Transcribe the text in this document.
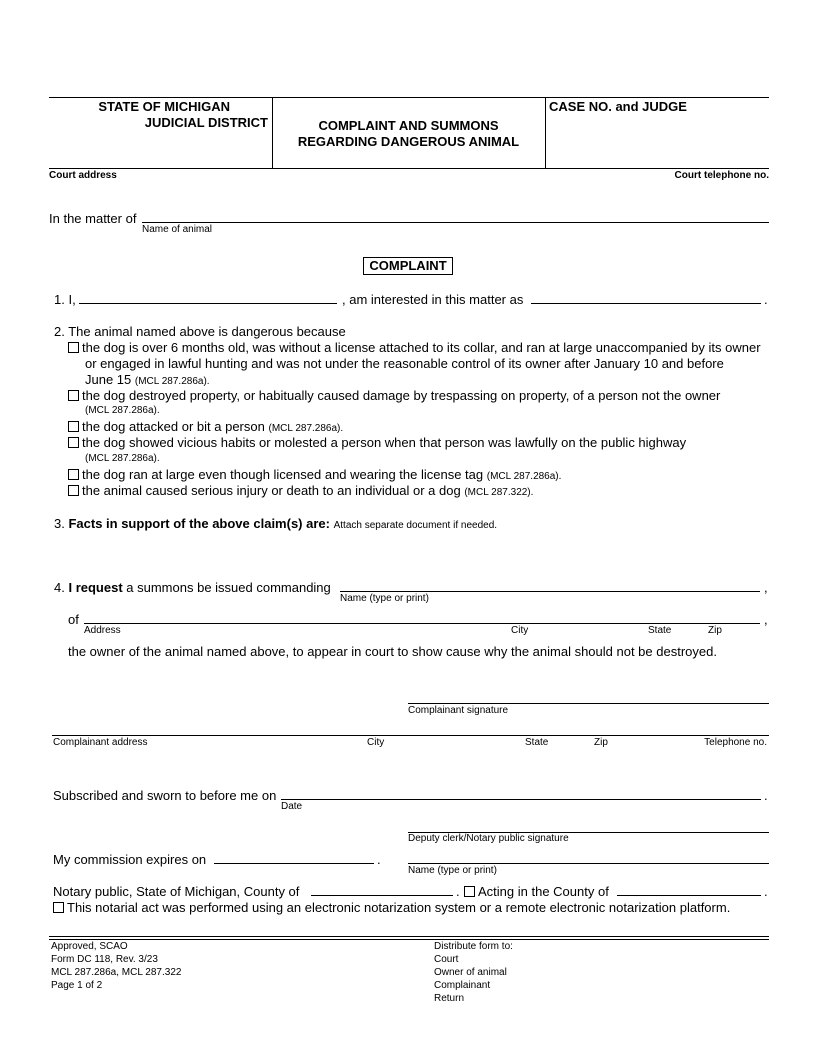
STATE OF MICHIGAN
JUDICIAL DISTRICT	COMPLAINT AND SUMMONS
REGARDING DANGEROUS ANIMAL
CASE NO. and JUDGE
Court address	Court telephone no.
In the matter of
Name of animal
COMPLAINT
1. I,	, am interested in this matter as	.
2. The animal named above is dangerous because
the dog is over 6 months old, was without a license attached to its collar, and ran at large unaccompanied by its owner
or engaged in lawful hunting and was not under the reasonable control of its owner after January 10 and before
June 15 (MCL 287.286a).
the dog destroyed property, or habitually caused damage by trespassing on property, of a person not the owner
(MCL 287.286a).
the dog attacked or bit a person (MCL 287.286a).
the dog showed vicious habits or molested a person when that person was lawfully on the public highway
(MCL 287.286a).
the dog ran at large even though licensed and wearing the license tag (MCL 287.286a).
the animal caused serious injury or death to an individual or a dog (MCL 287.322).
3. Facts in support of the above claim(s) are: Attach separate document if needed.
4. I request a summons be issued commanding	,
Name (type or print)
of	,
Address	City	State	Zip
the owner of the animal named above, to appear in court to show cause why the animal should not be destroyed.
Complainant signature
Complainant address	City	State	Zip	Telephone no.
Subscribed and sworn to before me on	.
Date
Deputy clerk/Notary public signature
My commission expires on	.
Name (type or print)
Notary public, State of Michigan, County of	.	Acting in the County of	.
This notarial act was performed using an electronic notarization system or a remote electronic notarization platform.
Approved, SCAO
Form DC 118, Rev. 3/23
MCL 287.286a, MCL 287.322
Page 1 of 2
Distribute form to:
Court
Owner of animal
Complainant
Return
